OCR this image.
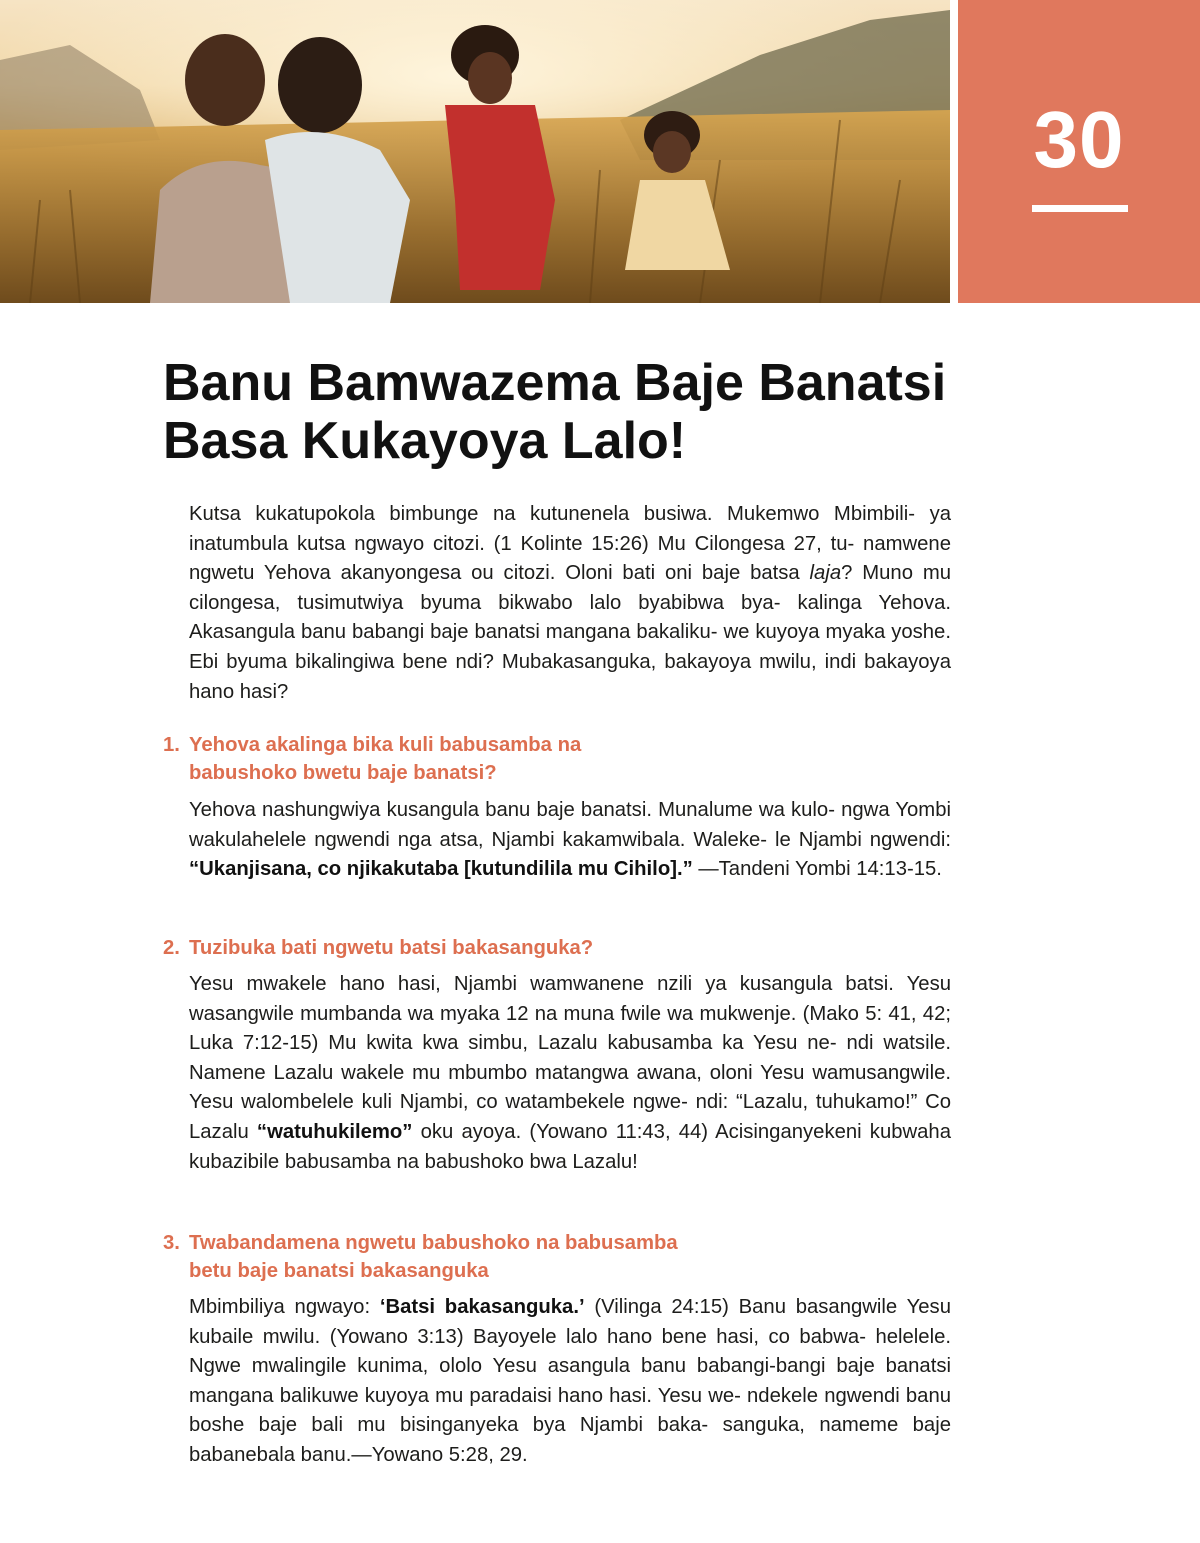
30
Banu Bamwazema Baje Banatsi
Basa Kukayoya Lalo!

Kutsa kukatupokola bimbunge na kutunenela busiwa. Mukemwo Mbimbili- ya inatumbula kutsa ngwayo citozi. (1 Kolinte 15:26) Mu Cilongesa 27, tu- namwene ngwetu Yehova akanyongesa ou citozi. Oloni bati oni baje batsa laja? Muno mu cilongesa, tusimutwiya byuma bikwabo lalo byabibwa bya- kalinga Yehova. Akasangula banu babangi baje banatsi mangana bakaliku- we kuyoya myaka yoshe. Ebi byuma bikalingiwa bene ndi? Mubakasanguka, bakayoya mwilu, indi bakayoya hano hasi?

1. Yehova akalinga bika kuli babusamba na
babushoko bwetu baje banatsi?

Yehova nashungwiya kusangula banu baje banatsi. Munalume wa kulo- ngwa Yombi wakulahelele ngwendi nga atsa, Njambi kakamwibala. Waleke- le Njambi ngwendi: “Ukanjisana, co njikakutaba [kutundilila mu Cihilo].” —Tandeni Yombi 14:13-15.

2. Tuzibuka bati ngwetu batsi bakasanguka?

Yesu mwakele hano hasi, Njambi wamwanene nzili ya kusangula batsi. Yesu wasangwile mumbanda wa myaka 12 na muna fwile wa mukwenje. (Mako 5: 41, 42; Luka 7:12-15) Mu kwita kwa simbu, Lazalu kabusamba ka Yesu ne- ndi watsile. Namene Lazalu wakele mu mbumbo matangwa awana, oloni Yesu wamusangwile. Yesu walombelele kuli Njambi, co watambekele ngwe- ndi: “Lazalu, tuhukamo!” Co Lazalu “watuhukilemo” oku ayoya. (Yowano 11:43, 44) Acisinganyekeni kubwaha kubazibile babusamba na babushoko bwa Lazalu!

3. Twabandamena ngwetu babushoko na babusamba
betu baje banatsi bakasanguka

Mbimbiliya ngwayo: ‘Batsi bakasanguka.’ (Vilinga 24:15) Banu basangwile Yesu kubaile mwilu. (Yowano 3:13) Bayoyele lalo hano bene hasi, co babwa- helelele. Ngwe mwalingile kunima, ololo Yesu asangula banu babangi-bangi baje banatsi mangana balikuwe kuyoya mu paradaisi hano hasi. Yesu we- ndekele ngwendi banu boshe baje bali mu bisinganyeka bya Njambi baka- sanguka, nameme baje babanebala banu.—Yowano 5:28, 29.
